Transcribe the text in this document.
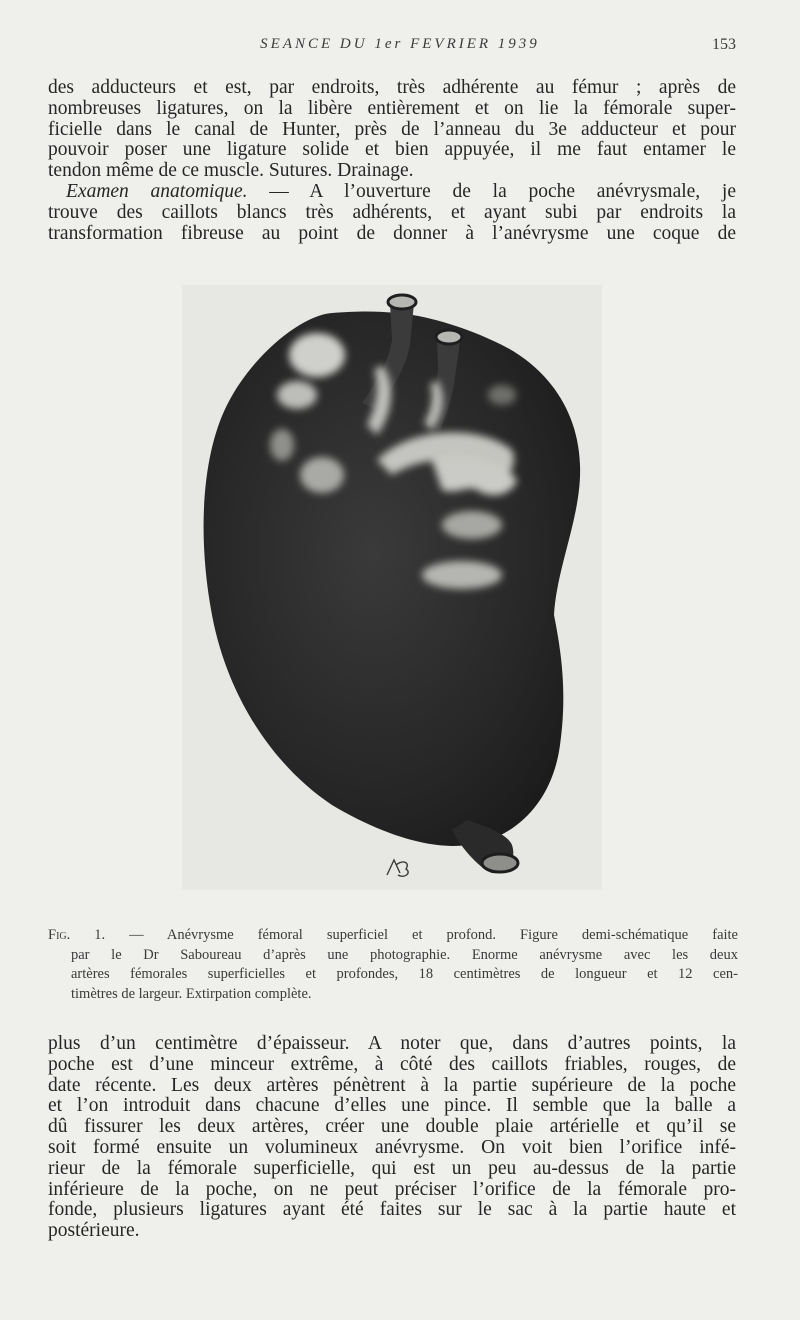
SEANCE DU 1er FEVRIER 1939	153
des adducteurs et est, par endroits, très adhérente au fémur ; après de
nombreuses ligatures, on la libère entièrement et on lie la fémorale super-
ficielle dans le canal de Hunter, près de l’anneau du 3e adducteur et pour
pouvoir poser une ligature solide et bien appuyée, il me faut entamer le
tendon même de ce muscle. Sutures. Drainage.
Examen anatomique. — A l’ouverture de la poche anévrysmale, je
trouve des caillots blancs très adhérents, et ayant subi par endroits la
transformation fibreuse au point de donner à l’anévrysme une coque de
Fig. 1. — Anévrysme fémoral superficiel et profond. Figure demi-schématique faite
par le Dr Saboureau d’après une photographie. Enorme anévrysme avec les deux
artères fémorales superficielles et profondes, 18 centimètres de longueur et 12 cen-
timètres de largeur. Extirpation complète.
plus d’un centimètre d’épaisseur. A noter que, dans d’autres points, la
poche est d’une minceur extrême, à côté des caillots friables, rouges, de
date récente. Les deux artères pénètrent à la partie supérieure de la poche
et l’on introduit dans chacune d’elles une pince. Il semble que la balle a
dû fissurer les deux artères, créer une double plaie artérielle et qu’il se
soit formé ensuite un volumineux anévrysme. On voit bien l’orifice infé-
rieur de la fémorale superficielle, qui est un peu au-dessus de la partie
inférieure de la poche, on ne peut préciser l’orifice de la fémorale pro-
fonde, plusieurs ligatures ayant été faites sur le sac à la partie haute et
postérieure.
